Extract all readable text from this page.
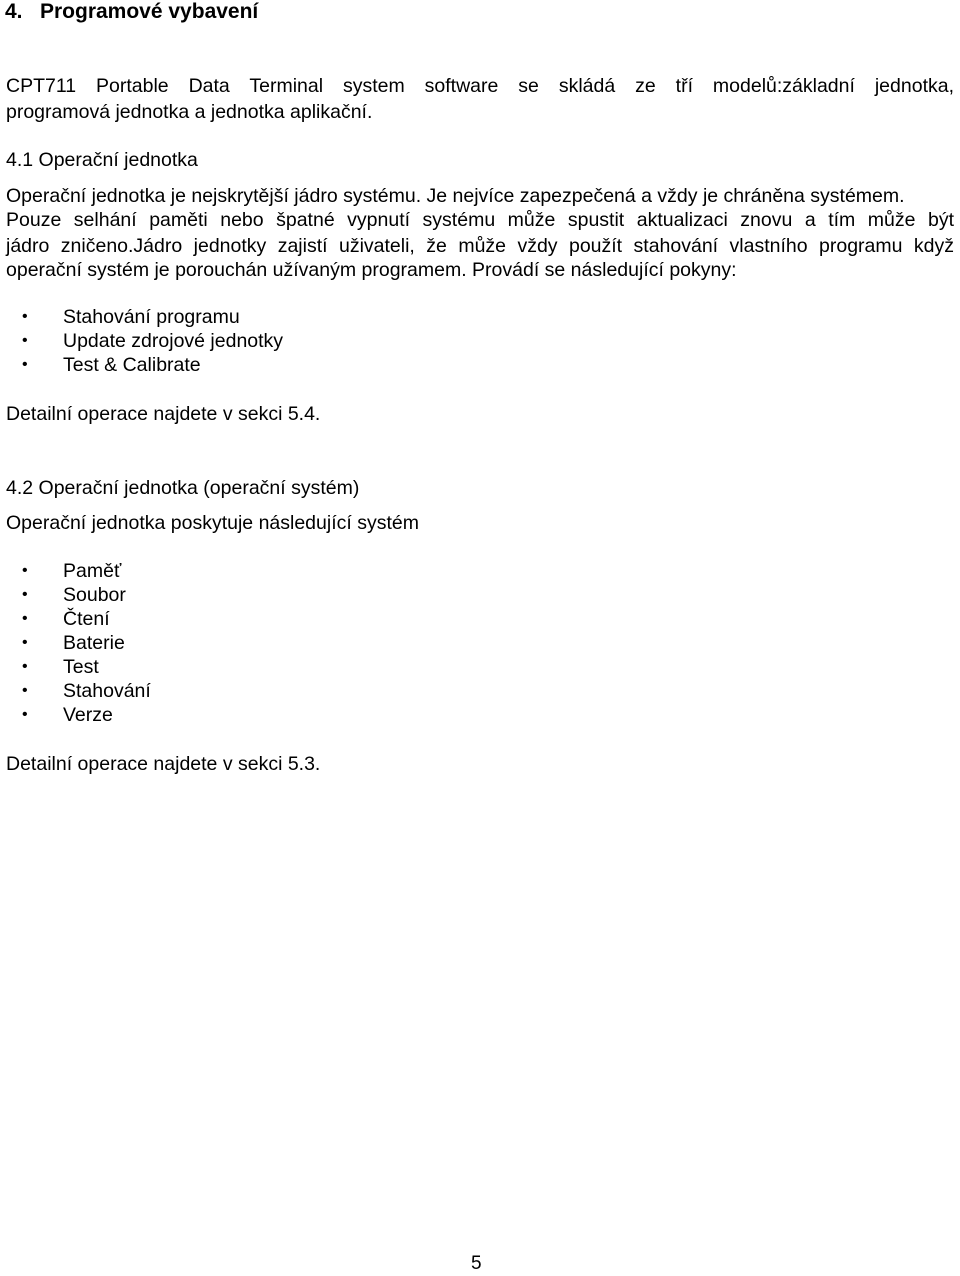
4. Programové vybavení
CPT711 Portable Data Terminal system software se skládá ze tří modelů:základní jednotka,
programová jednotka a jednotka aplikační.
4.1 Operační jednotka
Operační jednotka je nejskrytější jádro systému. Je nejvíce zapezpečená a vždy je chráněna systémem.
Pouze selhání paměti nebo špatné vypnutí systému může spustit aktualizaci znovu a tím může být
jádro zničeno.Jádro jednotky zajistí uživateli, že může vždy použít stahování vlastního programu když
operační systém je porouchán užívaným programem. Provádí se následující pokyny:
• Stahování programu
• Update zdrojové jednotky
• Test & Calibrate
Detailní operace najdete v sekci 5.4.
4.2 Operační jednotka (operační systém)
Operační jednotka poskytuje následující systém
• Paměť
• Soubor
• Čtení
• Baterie
• Test
• Stahování
• Verze
Detailní operace najdete v sekci 5.3.
5
